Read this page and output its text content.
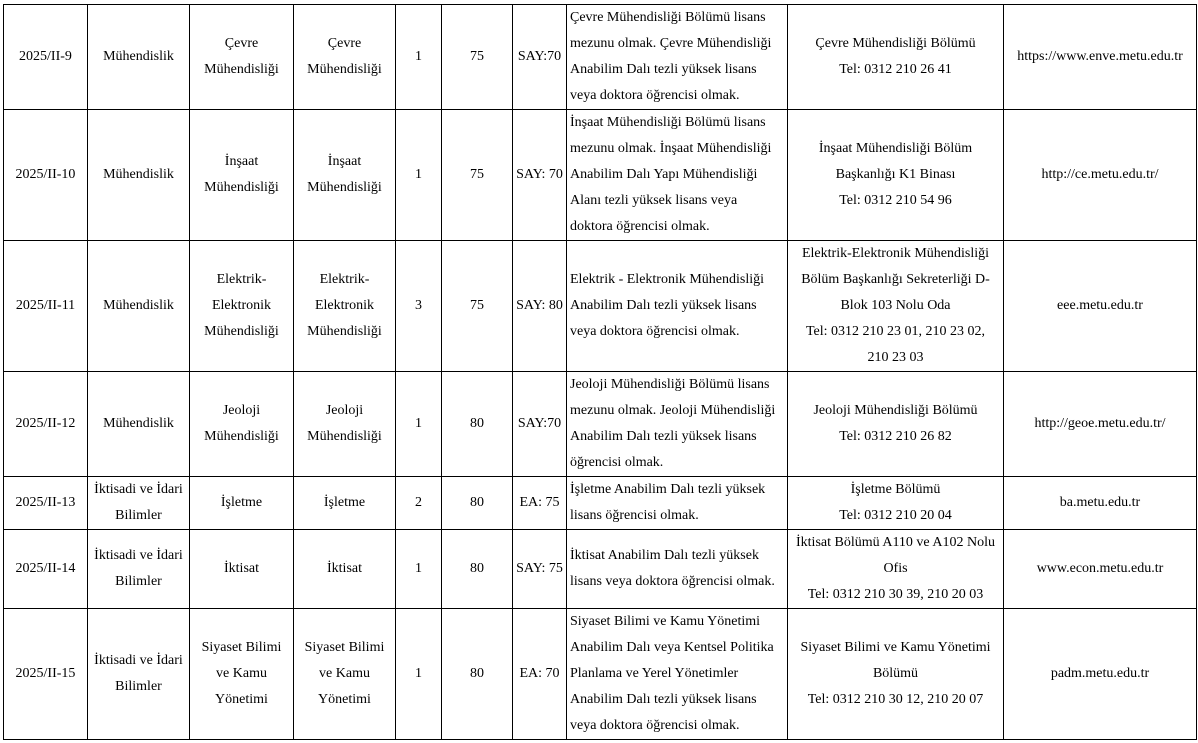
2025/II-9	Mühendislik	Çevre
Mühendisliği	Çevre
Mühendisliği	1	75	SAY:70	Çevre Mühendisliği Bölümü lisans
mezunu olmak. Çevre Mühendisliği
Anabilim Dalı tezli yüksek lisans
veya doktora öğrencisi olmak.	Çevre Mühendisliği Bölümü
Tel: 0312 210 26 41	https://www.enve.metu.edu.tr
2025/II-10	Mühendislik	İnşaat
Mühendisliği	İnşaat
Mühendisliği	1	75	SAY: 70	İnşaat Mühendisliği Bölümü lisans
mezunu olmak. İnşaat Mühendisliği
Anabilim Dalı Yapı Mühendisliği
Alanı tezli yüksek lisans veya
doktora öğrencisi olmak.	İnşaat Mühendisliği Bölüm
Başkanlığı K1 Binası
Tel: 0312 210 54 96	http://ce.metu.edu.tr/
2025/II-11	Mühendislik	Elektrik-
Elektronik
Mühendisliği	Elektrik-
Elektronik
Mühendisliği	3	75	SAY: 80	Elektrik - Elektronik Mühendisliği
Anabilim Dalı tezli yüksek lisans
veya doktora öğrencisi olmak.	Elektrik-Elektronik Mühendisliği
Bölüm Başkanlığı Sekreterliği D-
Blok 103 Nolu Oda
Tel: 0312 210 23 01, 210 23 02,
210 23 03	eee.metu.edu.tr
2025/II-12	Mühendislik	Jeoloji
Mühendisliği	Jeoloji
Mühendisliği	1	80	SAY:70	Jeoloji Mühendisliği Bölümü lisans
mezunu olmak. Jeoloji Mühendisliği
Anabilim Dalı tezli yüksek lisans
öğrencisi olmak.	Jeoloji Mühendisliği Bölümü
Tel: 0312 210 26 82	http://geoe.metu.edu.tr/
2025/II-13	İktisadi ve İdari
Bilimler	İşletme	İşletme	2	80	EA: 75	İşletme Anabilim Dalı tezli yüksek
lisans öğrencisi olmak.	İşletme Bölümü
Tel: 0312 210 20 04	ba.metu.edu.tr
2025/II-14	İktisadi ve İdari
Bilimler	İktisat	İktisat	1	80	SAY: 75	İktisat Anabilim Dalı tezli yüksek
lisans veya doktora öğrencisi olmak.	İktisat Bölümü A110 ve A102 Nolu
Ofis
Tel: 0312 210 30 39, 210 20 03	www.econ.metu.edu.tr
2025/II-15	İktisadi ve İdari
Bilimler	Siyaset Bilimi
ve Kamu
Yönetimi	Siyaset Bilimi
ve Kamu
Yönetimi	1	80	EA: 70	Siyaset Bilimi ve Kamu Yönetimi
Anabilim Dalı veya Kentsel Politika
Planlama ve Yerel Yönetimler
Anabilim Dalı tezli yüksek lisans
veya doktora öğrencisi olmak.	Siyaset Bilimi ve Kamu Yönetimi
Bölümü
Tel: 0312 210 30 12, 210 20 07	padm.metu.edu.tr
